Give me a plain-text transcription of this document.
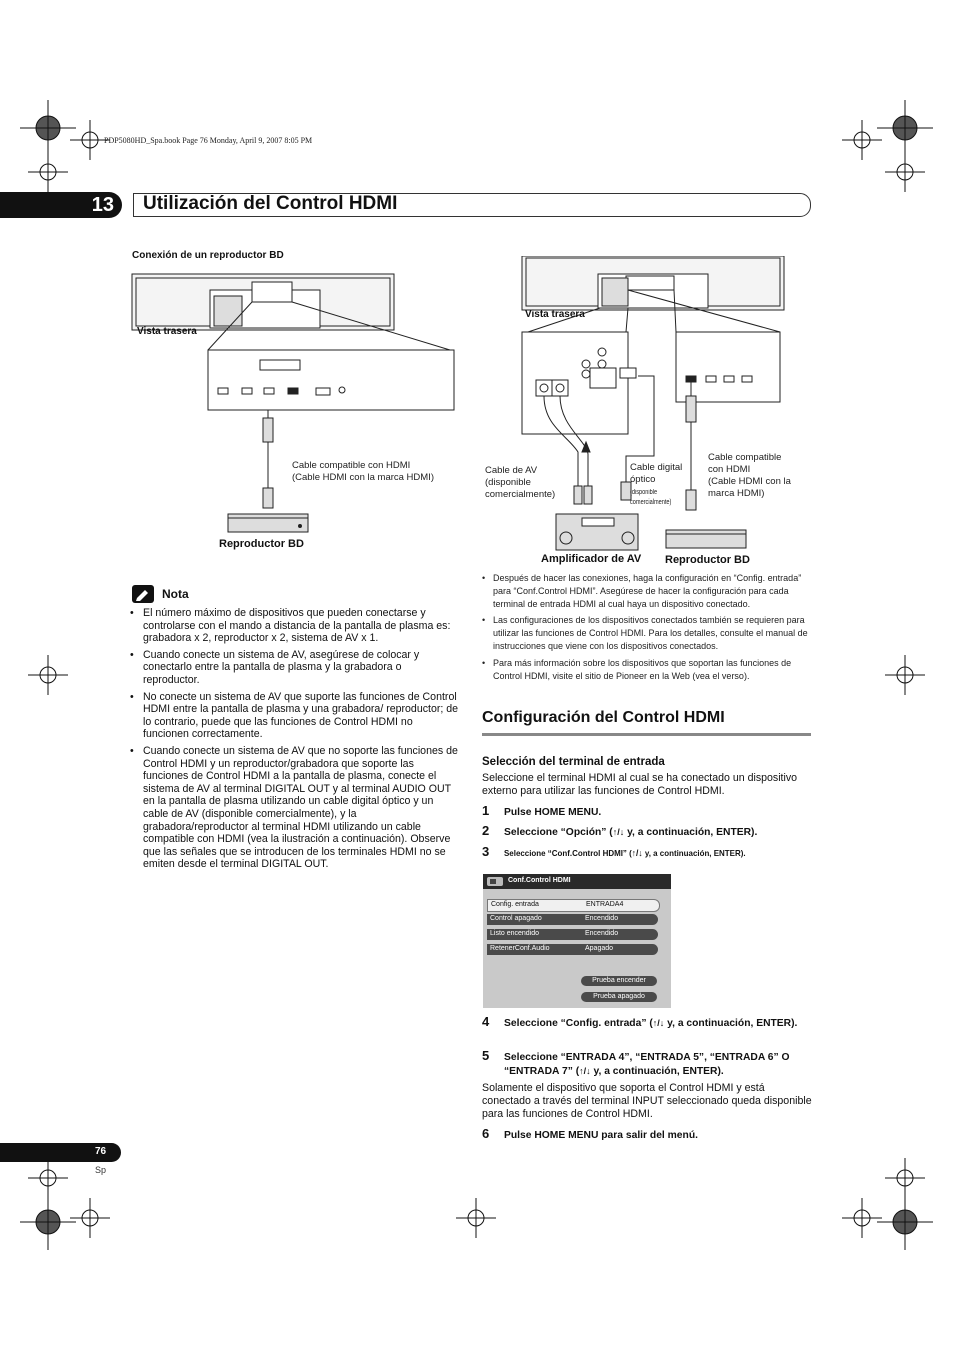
PDP5080HD_Spa.book Page 76 Monday, April 9, 2007 8:05 PM
13 Utilización del Control HDMI
Conexión de un reproductor BD
Vista trasera
Cable compatible con HDMI
(Cable HDMI con la marca HDMI)
Reproductor BD
Vista trasera
Cable de AV
(disponible
comercialmente)
Cable digital
óptico
(disponible
comercialmente)
Cable compatible
con HDMI
(Cable HDMI con la
marca HDMI)
Amplificador de AV Reproductor BD
Nota
• El número máximo de dispositivos que pueden conectarse y controlarse con el mando a distancia de la pantalla de plasma es: grabadora x 2, reproductor x 2, sistema de AV x 1.
• Cuando conecte un sistema de AV, asegúrese de colocar y conectarlo entre la pantalla de plasma y la grabadora o reproductor.
• No conecte un sistema de AV que suporte las funciones de Control HDMI entre la pantalla de plasma y una grabadora/ reproductor; de lo contrario, puede que las funciones de Control HDMI no funcionen correctamente.
• Cuando conecte un sistema de AV que no soporte las funciones de Control HDMI y un reproductor/grabadora que soporte las funciones de Control HDMI a la pantalla de plasma, conecte el sistema de AV al terminal DIGITAL OUT y al terminal AUDIO OUT en la pantalla de plasma utilizando un cable digital óptico y un cable de AV (disponible comercialmente), y la grabadora/reproductor al terminal HDMI utilizando un cable compatible con HDMI (vea la ilustración a continuación). Observe que las señales que se introducen de los terminales HDMI no se emiten desde el terminal DIGITAL OUT.
• Después de hacer las conexiones, haga la configuración en “Config. entrada” para “Conf.Control HDMI”. Asegúrese de hacer la configuración para cada terminal de entrada HDMI al cual haya un dispositivo conectado.
• Las configuraciones de los dispositivos conectados también se requieren para utilizar las funciones de Control HDMI. Para los detalles, consulte el manual de instrucciones que viene con los dispositivos conectados.
• Para más información sobre los dispositivos que soportan las funciones de Control HDMI, visite el sitio de Pioneer en la Web (vea el verso).
Configuración del Control HDMI
Selección del terminal de entrada
Seleccione el terminal HDMI al cual se ha conectado un dispositivo externo para utilizar las funciones de Control HDMI.
1 Pulse HOME MENU.
2 Seleccione “Opción” (↑/↓ y, a continuación, ENTER).
3 Seleccione “Conf.Control HDMI” (↑/↓ y, a continuación, ENTER).
Conf.Control HDMI
Config. entrada	ENTRADA4
Control apagado	Encendido
Listo encendido	Encendido
RetenerConf.Audio	Apagado
Prueba encender
Prueba apagado
4 Seleccione “Config. entrada” (↑/↓ y, a continuación, ENTER).
5 Seleccione “ENTRADA 4”, “ENTRADA 5”, “ENTRADA 6” O “ENTRADA 7” (↑/↓ y, a continuación, ENTER).
Solamente el dispositivo que soporta el Control HDMI y está conectado a través del terminal INPUT seleccionado queda disponible para las funciones de Control HDMI.
6 Pulse HOME MENU para salir del menú.
76
Sp
